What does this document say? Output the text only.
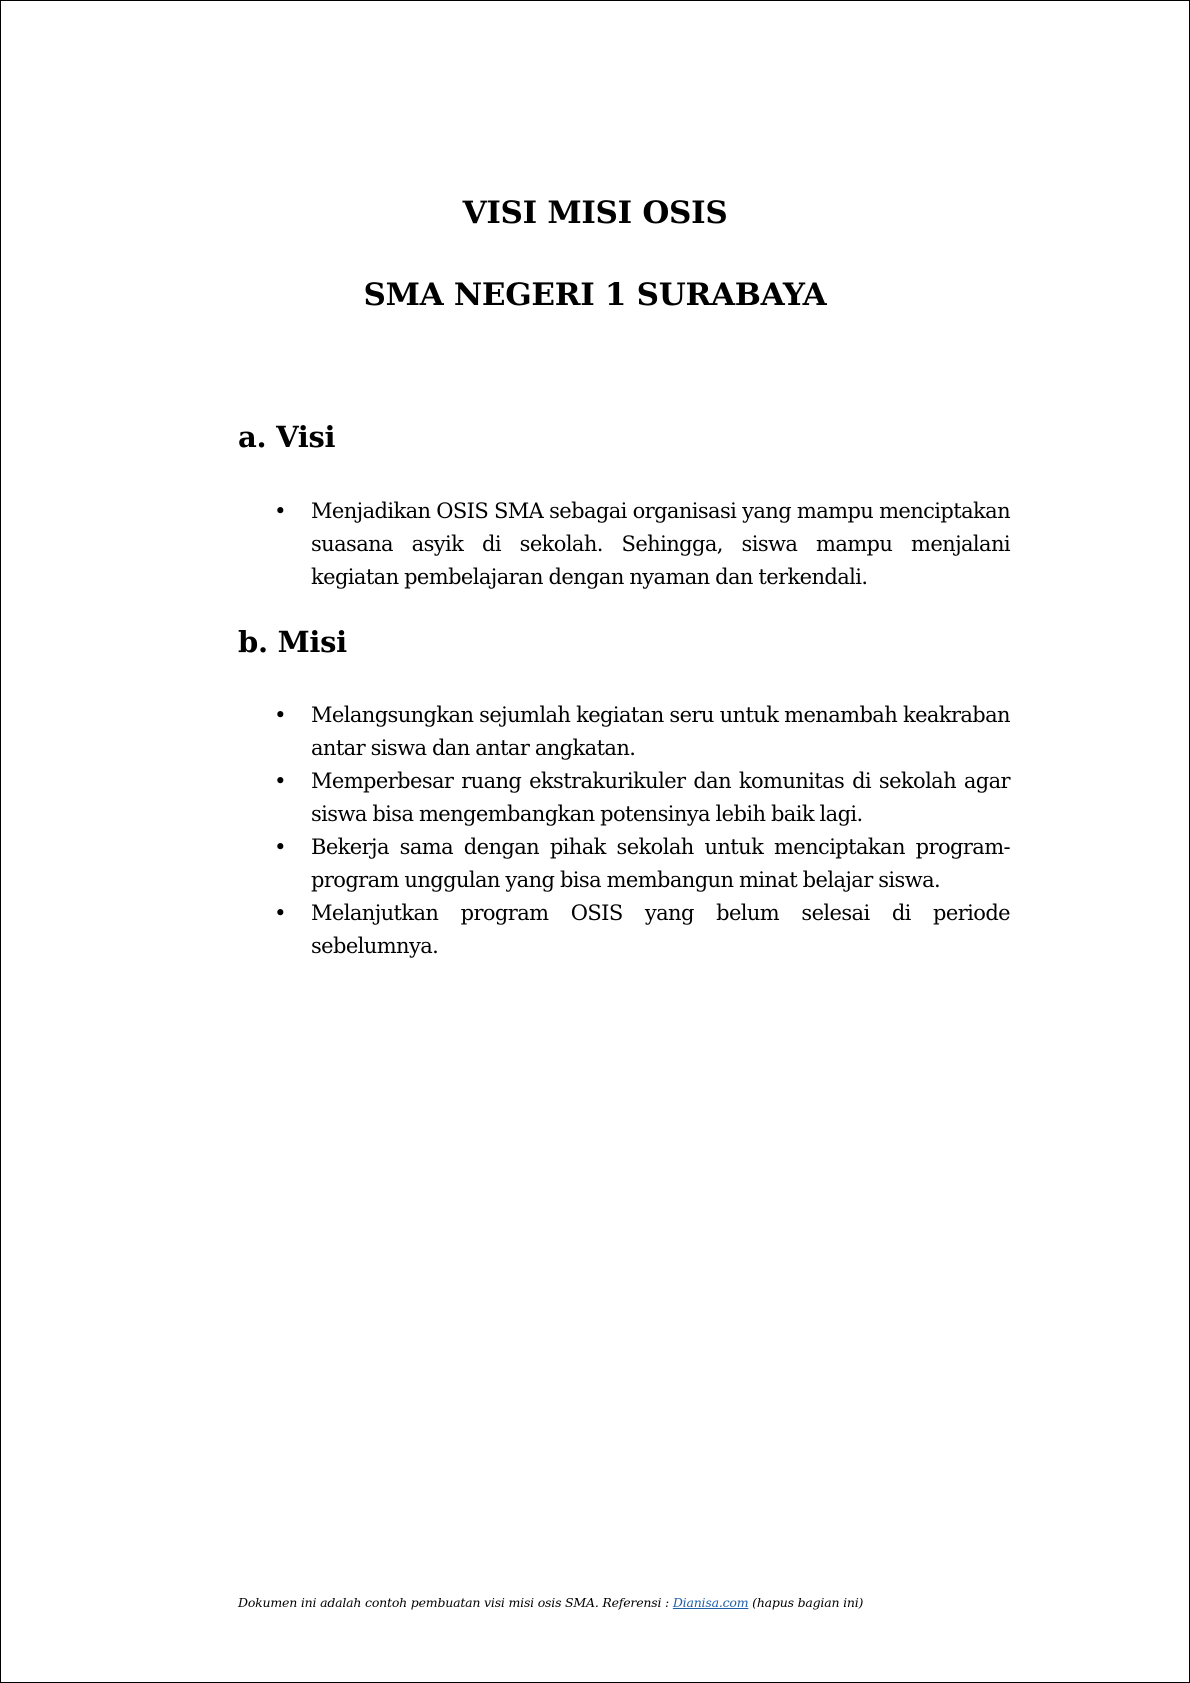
VISI MISI OSIS
SMA NEGERI 1 SURABAYA
a. Visi
• Menjadikan OSIS SMA sebagai organisasi yang mampu menciptakan suasana asyik di sekolah. Sehingga, siswa mampu menjalani kegiatan pembelajaran dengan nyaman dan terkendali.
b. Misi
• Melangsungkan sejumlah kegiatan seru untuk menambah keakraban antar siswa dan antar angkatan.
• Memperbesar ruang ekstrakurikuler dan komunitas di sekolah agar siswa bisa mengembangkan potensinya lebih baik lagi.
• Bekerja sama dengan pihak sekolah untuk menciptakan program-program unggulan yang bisa membangun minat belajar siswa.
• Melanjutkan program OSIS yang belum selesai di periode sebelumnya.
Dokumen ini adalah contoh pembuatan visi misi osis SMA. Referensi : Dianisa.com (hapus bagian ini)
